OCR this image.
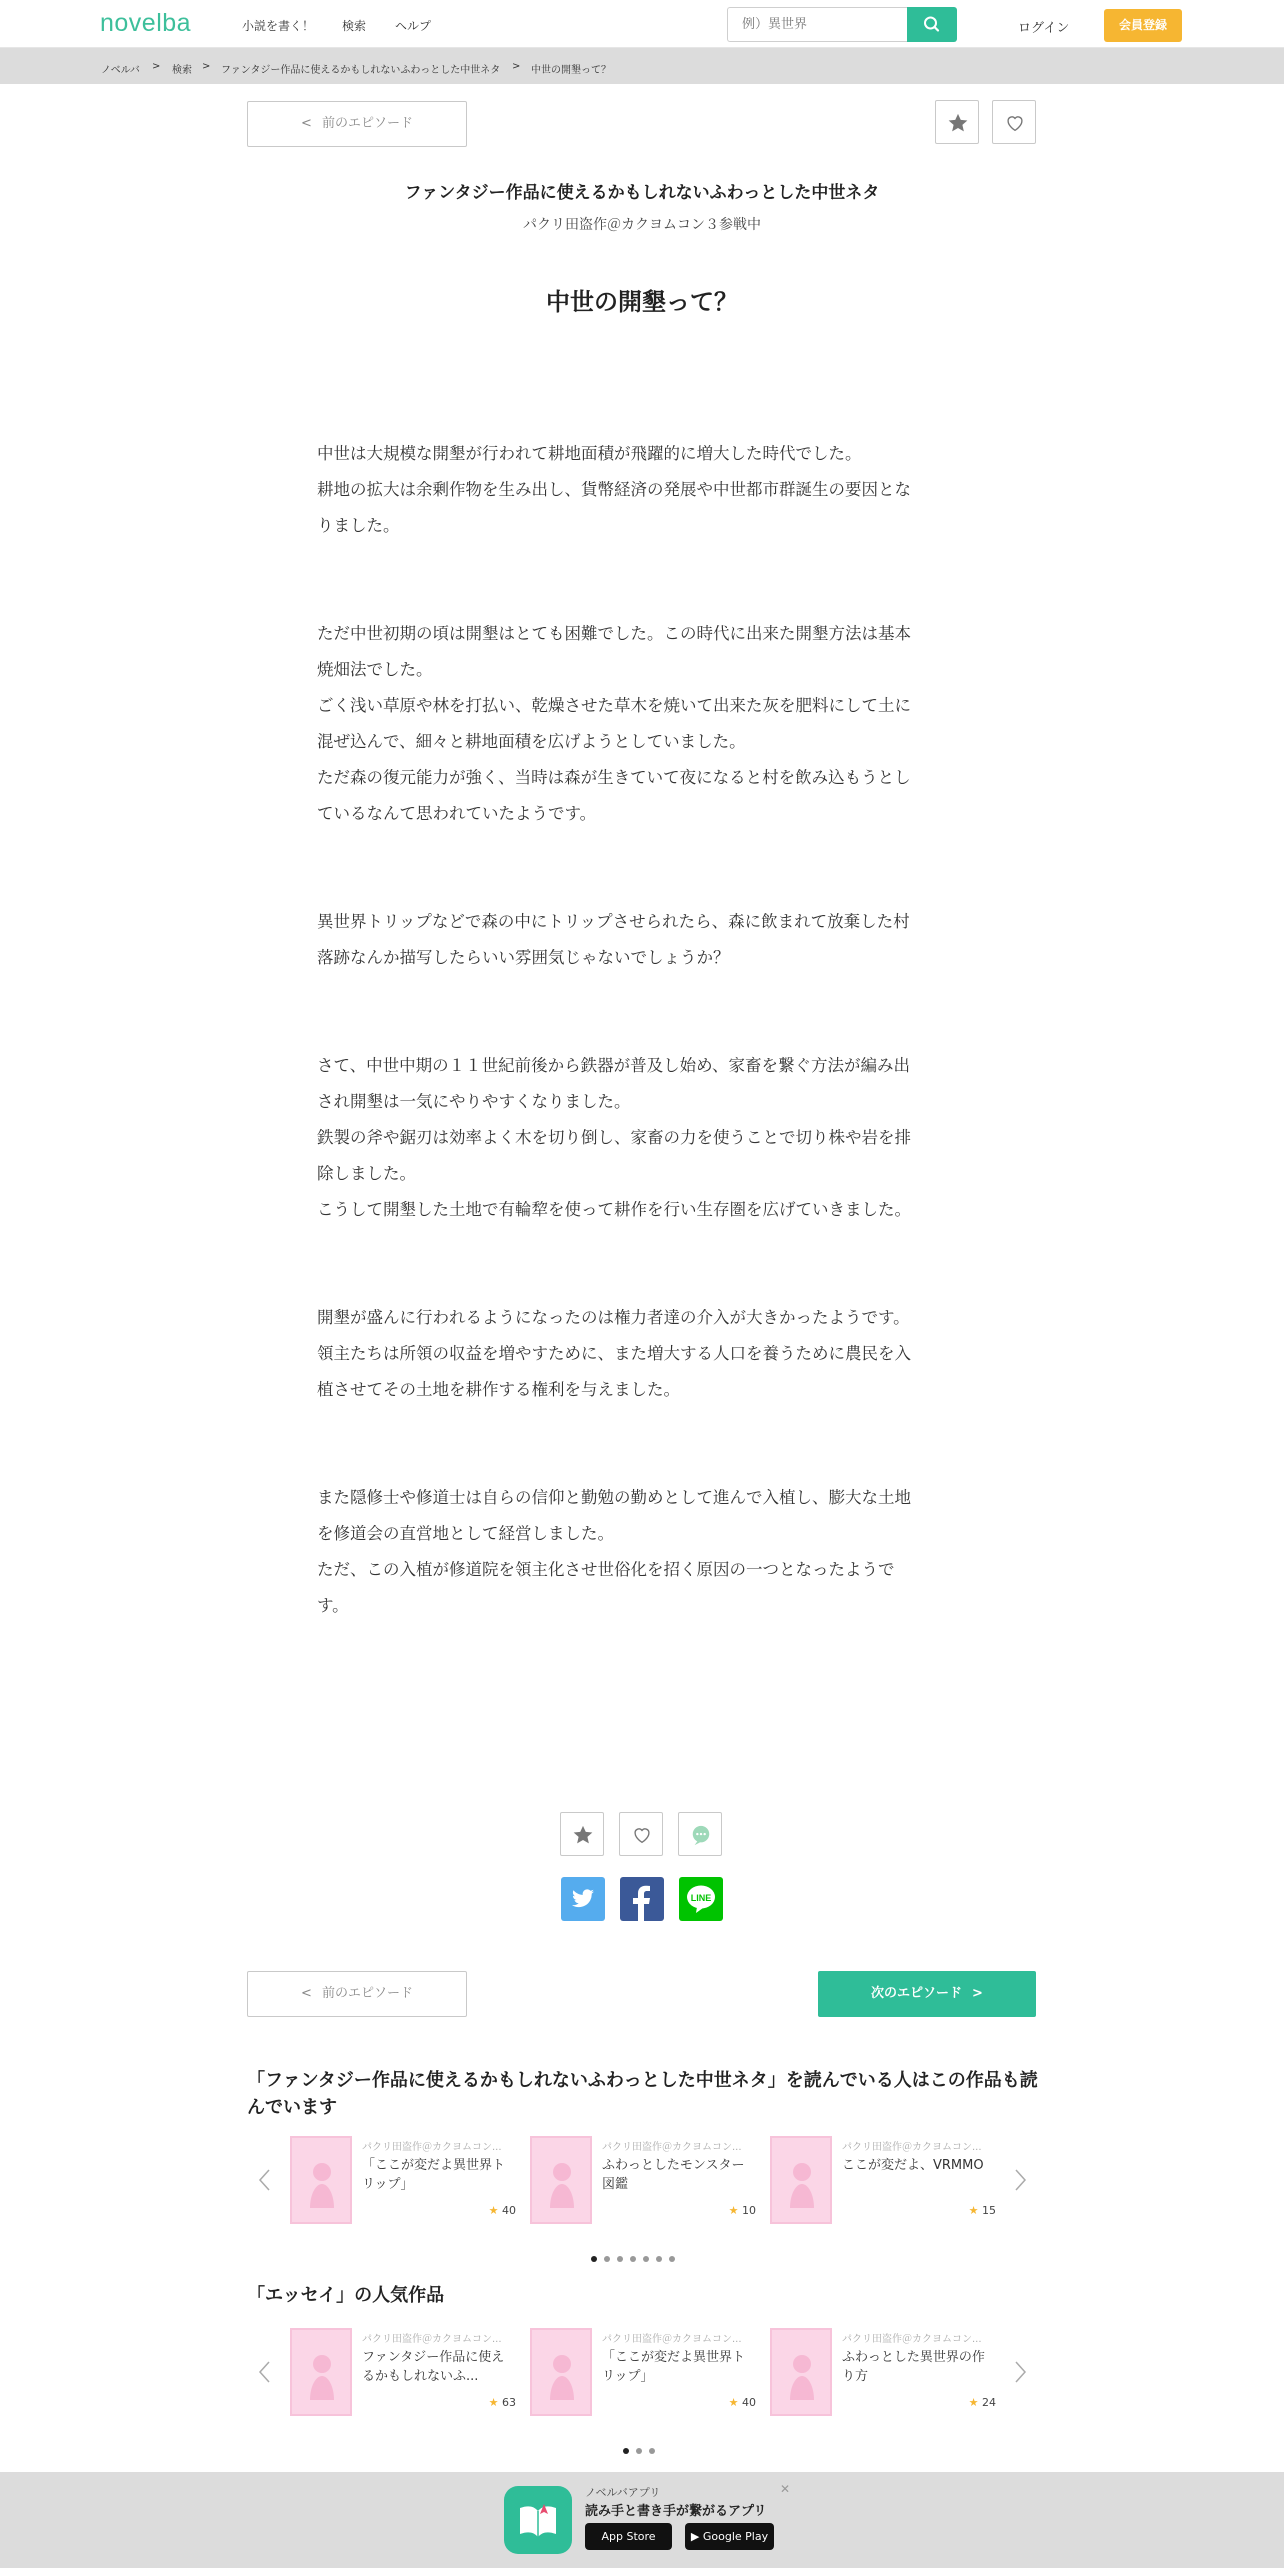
novelba	小説を書く！ 検索 ヘルプ
例）異世界	ログイン	会員登録
ノベルバ > 検索 > ファンタジー作品に使えるかもしれないふわっとした中世ネタ > 中世の開墾って？
< 前のエピソード
ファンタジー作品に使えるかもしれないふわっとした中世ネタ
パクリ田盗作＠カクヨムコン３参戦中
中世の開墾って？

中世は大規模な開墾が行われて耕地面積が飛躍的に増大した時代でした。

耕地の拡大は余剰作物を生み出し、貨幣経済の発展や中世都市群誕生の要因とな

りました。

ただ中世初期の頃は開墾はとても困難でした。この時代に出来た開墾方法は基本

焼畑法でした。

ごく浅い草原や林を打払い、乾燥させた草木を焼いて出来た灰を肥料にして土に

混ぜ込んで、細々と耕地面積を広げようとしていました。

ただ森の復元能力が強く、当時は森が生きていて夜になると村を飲み込もうとし

ているなんて思われていたようです。

異世界トリップなどで森の中にトリップさせられたら、森に飲まれて放棄した村

落跡なんか描写したらいい雰囲気じゃないでしょうか？

さて、中世中期の１１世紀前後から鉄器が普及し始め、家畜を繋ぐ方法が編み出

され開墾は一気にやりやすくなりました。

鉄製の斧や鋸刃は効率よく木を切り倒し、家畜の力を使うことで切り株や岩を排

除しました。

こうして開墾した土地で有輪犂を使って耕作を行い生存圏を広げていきました。

開墾が盛んに行われるようになったのは権力者達の介入が大きかったようです。

領主たちは所領の収益を増やすために、また増大する人口を養うために農民を入

植させてその土地を耕作する権利を与えました。

また隠修士や修道士は自らの信仰と勤勉の勤めとして進んで入植し、膨大な土地

を修道会の直営地として経営しました。

ただ、この入植が修道院を領主化させ世俗化を招く原因の一つとなったようで

す。

LINE
< 前のエピソード	次のエピソード >
「ファンタジー作品に使えるかもしれないふわっとした中世ネタ」を読んでいる人はこの作品も読んでいます
パクリ田盗作＠カクヨムコン...
「ここが変だよ異世界トリップ」
★ 40
パクリ田盗作＠カクヨムコン...
ふわっとしたモンスター図鑑
★ 10
パクリ田盗作＠カクヨムコン...
ここが変だよ、VRMMO
★ 15
「エッセイ」の人気作品
パクリ田盗作＠カクヨムコン...
ファンタジー作品に使えるかもしれないふ...
★ 63
パクリ田盗作＠カクヨムコン...
「ここが変だよ異世界トリップ」
★ 40
パクリ田盗作＠カクヨムコン...
ふわっとした異世界の作り方
★ 24
ノベルバアプリ
読み手と書き手が繋がるアプリ
App Store	▶ Google Play
✕
